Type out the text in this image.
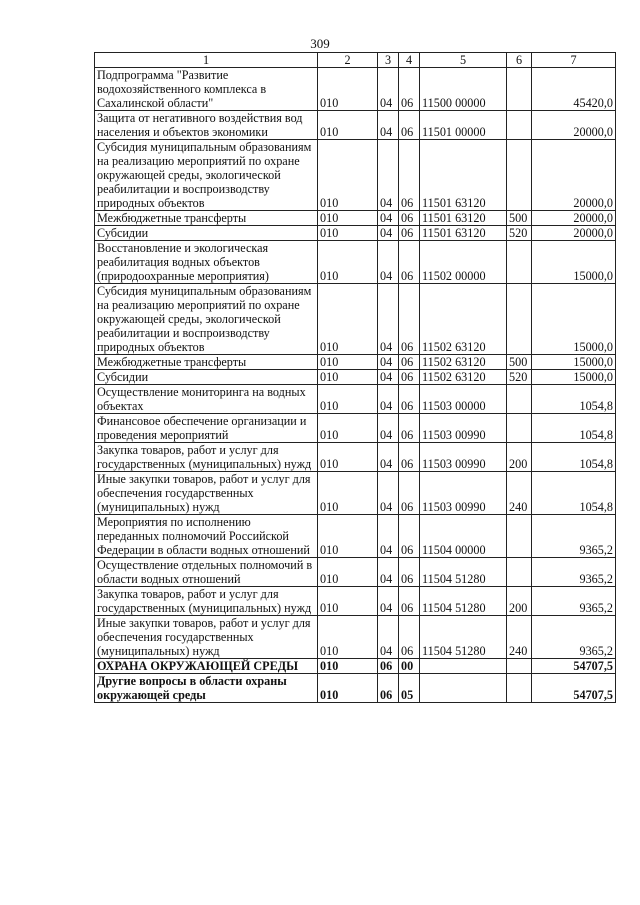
309
1	2	3	4	5	6	7
Подпрограмма "Развитие водохозяйственного комплекса в Сахалинской области"	010	04	06	11500 00000		45420,0
Защита от негативного воздействия вод населения и объектов экономики	010	04	06	11501 00000		20000,0
Субсидия муниципальным образованиям на реализацию мероприятий по охране окружающей среды, экологической реабилитации и воспроизводству природных объектов	010	04	06	11501 63120		20000,0
Межбюджетные трансферты	010	04	06	11501 63120	500	20000,0
Субсидии	010	04	06	11501 63120	520	20000,0
Восстановление и экологическая реабилитация водных объектов (природоохранные мероприятия)	010	04	06	11502 00000		15000,0
Субсидия муниципальным образованиям на реализацию мероприятий по охране окружающей среды, экологической реабилитации и воспроизводству природных объектов	010	04	06	11502 63120		15000,0
Межбюджетные трансферты	010	04	06	11502 63120	500	15000,0
Субсидии	010	04	06	11502 63120	520	15000,0
Осуществление мониторинга на водных объектах	010	04	06	11503 00000		1054,8
Финансовое обеспечение организации и проведения мероприятий	010	04	06	11503 00990		1054,8
Закупка товаров, работ и услуг для государственных (муниципальных) нужд	010	04	06	11503 00990	200	1054,8
Иные закупки товаров, работ и услуг для обеспечения государственных (муниципальных) нужд	010	04	06	11503 00990	240	1054,8
Мероприятия по исполнению переданных полномочий Российской Федерации в области водных отношений	010	04	06	11504 00000		9365,2
Осуществление отдельных полномочий в области водных отношений	010	04	06	11504 51280		9365,2
Закупка товаров, работ и услуг для государственных (муниципальных) нужд	010	04	06	11504 51280	200	9365,2
Иные закупки товаров, работ и услуг для обеспечения государственных (муниципальных) нужд	010	04	06	11504 51280	240	9365,2
ОХРАНА ОКРУЖАЮЩЕЙ СРЕДЫ	010	06	00			54707,5
Другие вопросы в области охраны окружающей среды	010	06	05			54707,5
